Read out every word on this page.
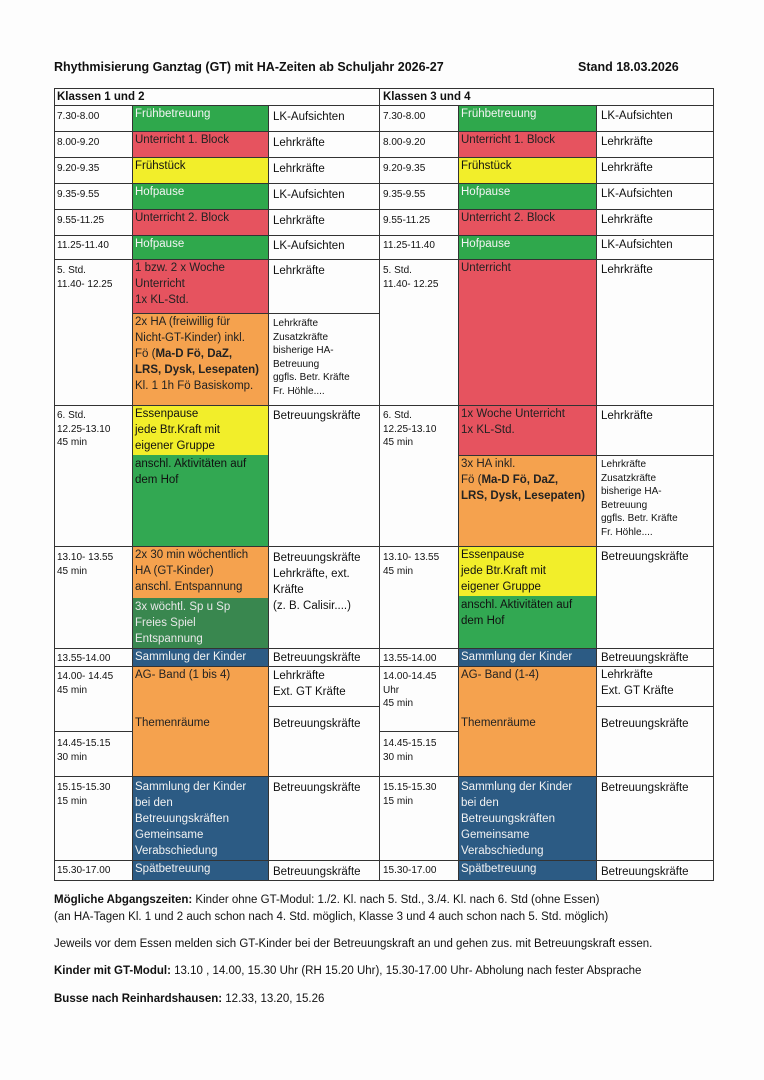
Rhythmisierung Ganztag (GT) mit HA-Zeiten ab Schuljahr 2026-27	Stand 18.03.2026
Klassen 1 und 2
Frühbetreuung
Unterricht 1. Block
Frühstück
Hofpause
Unterricht 2. Block
Hofpause
1 bzw. 2 x Woche
Unterricht
1x KL-Std.
2x HA (freiwillig für
Nicht-GT-Kinder) inkl.
Fö (Ma-D Fö, DaZ,
LRS, Dysk, Lesepaten)
Kl. 1 1h Fö Basiskomp.
Essenpause
jede Btr.Kraft mit
eigener Gruppe
anschl. Aktivitäten auf
dem Hof
2x 30 min wöchentlich
HA (GT-Kinder)
anschl. Entspannung
3x wöchtl. Sp u Sp
Freies Spiel
Entspannung
Sammlung der Kinder
AG- Band (1 bis 4)
Themenräume
Sammlung der Kinder
bei den
Betreuungskräften
Gemeinsame
Verabschiedung
Spätbetreuung
7.30-8.00
8.00-9.20
9.20-9.35
9.35-9.55
9.55-11.25
11.25-11.40
5. Std.
11.40- 12.25
6. Std.
12.25-13.10
45 min
13.10- 13.55
45 min
13.55-14.00
14.00- 14.45
45 min
14.45-15.15
30 min
15.15-15.30
15 min
15.30-17.00
LK-Aufsichten
Lehrkräfte
Lehrkräfte
LK-Aufsichten
Lehrkräfte
LK-Aufsichten
Lehrkräfte
Lehrkräfte
Zusatzkräfte
bisherige HA-
Betreuung
ggfls. Betr. Kräfte
Fr. Höhle....
Betreuungskräfte
Betreuungskräfte
Lehrkräfte, ext.
Kräfte
(z. B. Calisir....)
Betreuungskräfte
Lehrkräfte
Ext. GT Kräfte
Betreuungskräfte
Betreuungskräfte
Betreuungskräfte
Klassen 3 und 4
Frühbetreuung
Unterricht 1. Block
Frühstück
Hofpause
Unterricht 2. Block
Hofpause
Unterricht
1x Woche Unterricht
1x KL-Std.
3x HA inkl.
Fö (Ma-D Fö, DaZ,
LRS, Dysk, Lesepaten)
Essenpause
jede Btr.Kraft mit
eigener Gruppe
anschl. Aktivitäten auf
dem Hof
Sammlung der Kinder
AG- Band (1-4)
Themenräume
Sammlung der Kinder
bei den
Betreuungskräften
Gemeinsame
Verabschiedung
Spätbetreuung
7.30-8.00
8.00-9.20
9.20-9.35
9.35-9.55
9.55-11.25
11.25-11.40
5. Std.
11.40- 12.25
6. Std.
12.25-13.10
45 min
13.10- 13.55
45 min
13.55-14.00
14.00-14.45
Uhr
45 min
14.45-15.15
30 min
15.15-15.30
15 min
15.30-17.00
LK-Aufsichten
Lehrkräfte
Lehrkräfte
LK-Aufsichten
Lehrkräfte
LK-Aufsichten
Lehrkräfte
Lehrkräfte
Lehrkräfte
Zusatzkräfte
bisherige HA-
Betreuung
ggfls. Betr. Kräfte
Fr. Höhle....
Betreuungskräfte
Betreuungskräfte
Lehrkräfte
Ext. GT Kräfte
Betreuungskräfte
Betreuungskräfte
Betreuungskräfte
Mögliche Abgangszeiten: Kinder ohne GT-Modul: 1./2. Kl. nach 5. Std., 3./4. Kl. nach 6. Std (ohne Essen)
(an HA-Tagen Kl. 1 und 2 auch schon nach 4. Std. möglich, Klasse 3 und 4 auch schon nach 5. Std. möglich)
Jeweils vor dem Essen melden sich GT-Kinder bei der Betreuungskraft an und gehen zus. mit Betreuungskraft essen.
Kinder mit GT-Modul: 13.10 , 14.00, 15.30 Uhr (RH 15.20 Uhr), 15.30-17.00 Uhr- Abholung nach fester Absprache
Busse nach Reinhardshausen: 12.33, 13.20, 15.26
